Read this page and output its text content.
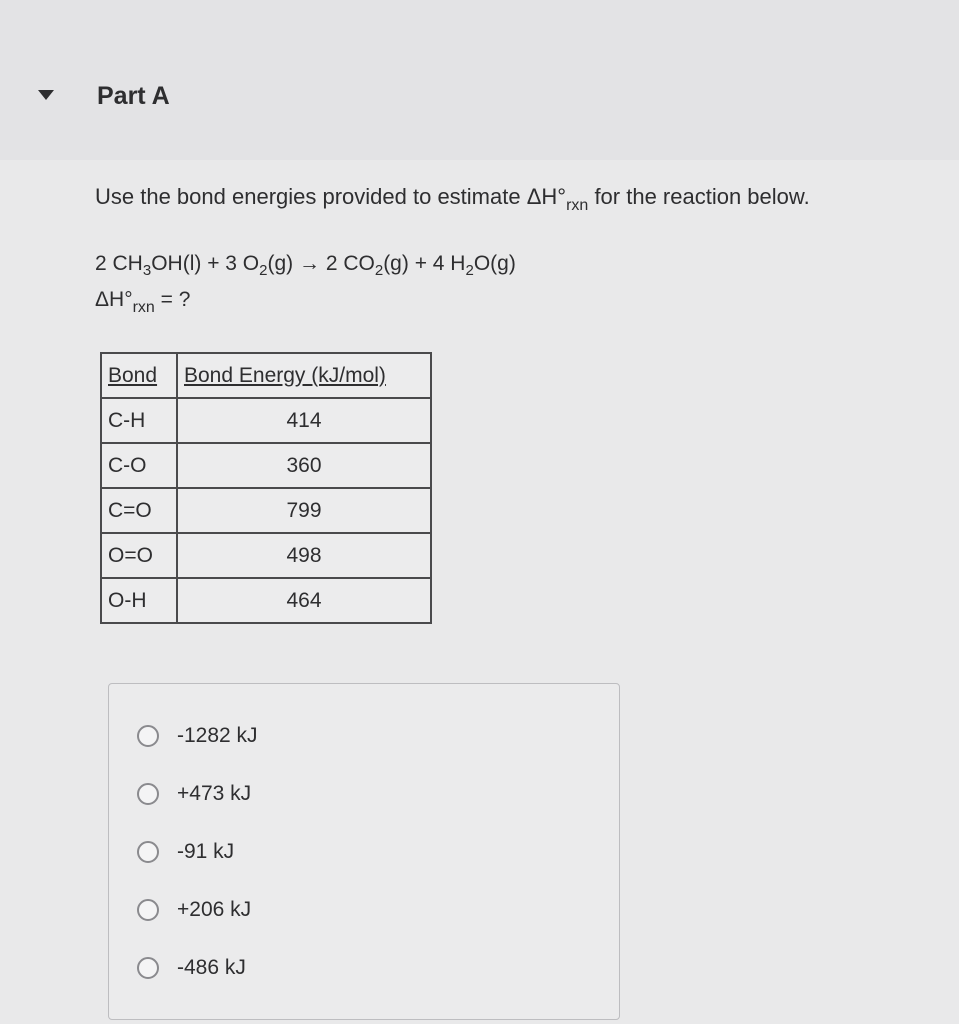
Part A
Use the bond energies provided to estimate $\Delta H^\circ_{rxn}$ for the reaction below.
2 $CH_3OH(l) + 3$ $O_2(g) \to 2$ $CO_2(g) + 4$ $H_2O(g)$
$\Delta H^\circ_{rxn}$ = ?
Bond	Bond Energy (kJ/mol)
C-H	414
C-O	360
C=O	799
O=O	498
O-H	464
-1282 kJ
+473 kJ
-91 kJ
+206 kJ
-486 kJ
